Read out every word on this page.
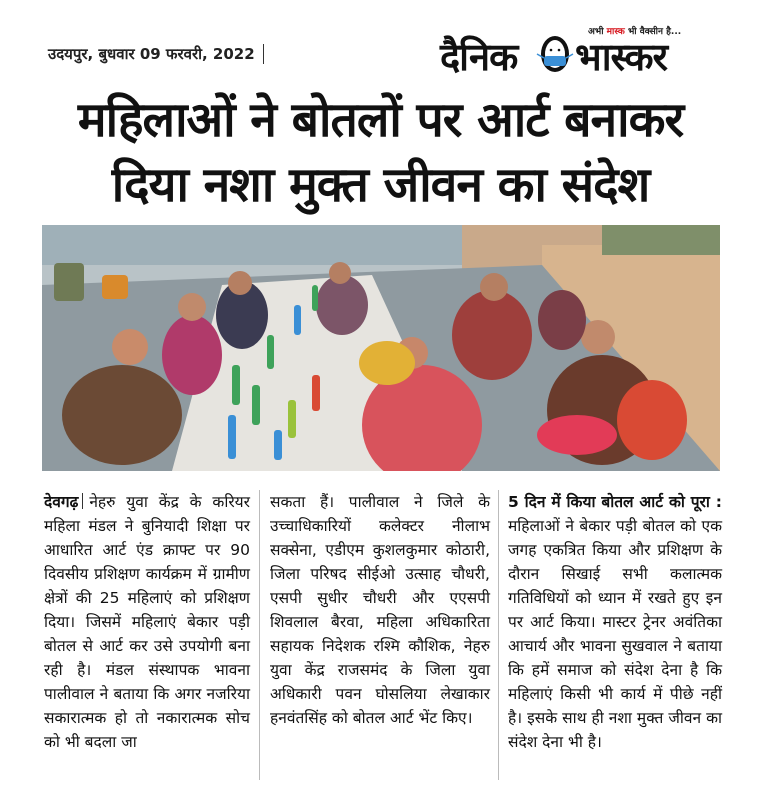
उदयपुर, बुधवार 09 फरवरी, 2022
अभी मास्क भी वैक्सीन है...
दैनिक भास्कर
महिलाओं ने बोतलों पर आर्ट बनाकर
दिया नशा मुक्त जीवन का संदेश
देवगढ़ नेहरु युवा केंद्र के करियर महिला मंडल ने बुनियादी शिक्षा पर आधारित आर्ट एंड क्राफ्ट पर 90 दिवसीय प्रशिक्षण कार्यक्रम में ग्रामीण क्षेत्रों की 25 महिलाएं को प्रशिक्षण दिया। जिसमें महिलाएं बेकार पड़ी बोतल से आर्ट कर उसे उपयोगी बना रही है। मंडल संस्थापक भावना पालीवाल ने बताया कि अगर नजरिया सकारात्मक हो तो नकारात्मक सोच को भी बदला जा
सकता हैं। पालीवाल ने जिले के उच्चाधिकारियों कलेक्टर नीलाभ सक्सेना, एडीएम कुशलकुमार कोठारी, जिला परिषद सीईओ उत्साह चौधरी, एसपी सुधीर चौधरी और एएसपी शिवलाल बैरवा, महिला अधिकारिता सहायक निदेशक रश्मि कौशिक, नेहरु युवा केंद्र राजसमंद के जिला युवा अधिकारी पवन घोसलिया लेखाकार हनवंतसिंह को बोतल आर्ट भेंट किए।
5 दिन में किया बोतल आर्ट को पूरा : महिलाओं ने बेकार पड़ी बोतल को एक जगह एकत्रित किया और प्रशिक्षण के दौरान सिखाई सभी कलात्मक गतिविधियों को ध्यान में रखते हुए इन पर आर्ट किया। मास्टर ट्रेनर अवंतिका आचार्य और भावना सुखवाल ने बताया कि हमें समाज को संदेश देना है कि महिलाएं किसी भी कार्य में पीछे नहीं है। इसके साथ ही नशा मुक्त जीवन का संदेश देना भी है।
